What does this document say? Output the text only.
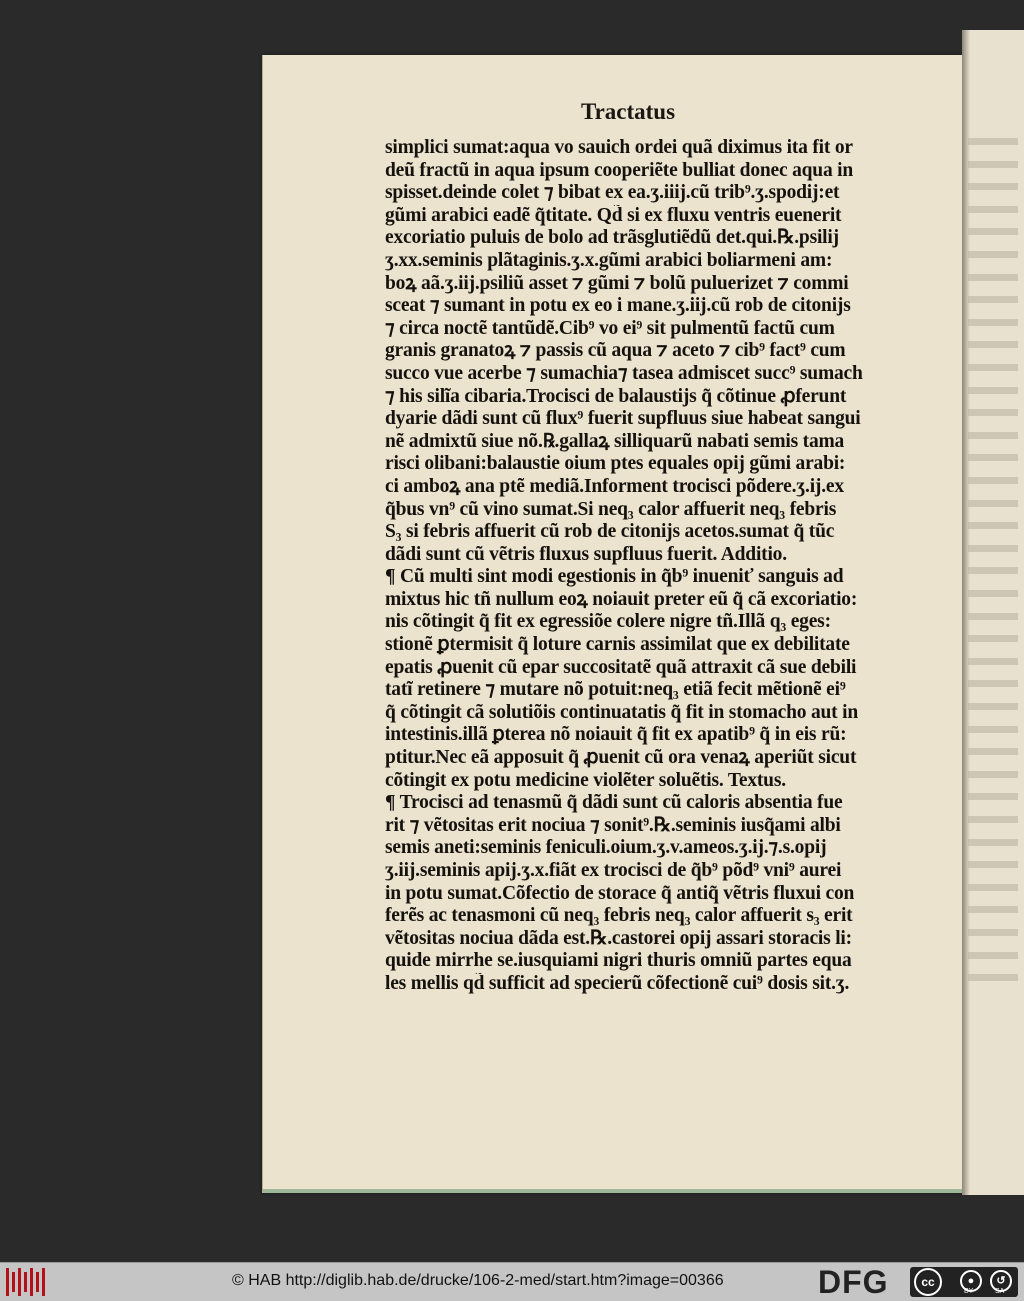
Tractatus
simplici sumat:aqua vo sauich ordei quã diximus ita fit or
deũ fractũ in aqua ipsum cooperiẽte bulliat donec aqua in
spisset.deinde colet ⁊ bibat ex ea.ʒ.iiij.cũ trib⁹.ʒ.spodij:et
gũmi arabici eadẽ q̃titate. Qd̃ si ex fluxu ventris euenerit
excoriatio puluis de bolo ad trãsglutiẽdũ det.qui.℞.psilij
ʒ.xx.seminis plãtaginis.ʒ.x.gũmi arabici boliarmeni am:
boꝝ aã.ʒ.iij.psiliũ asset ⁊ gũmi ⁊ bolũ puluerizet ⁊ commi
sceat ⁊ sumant in potu ex eo i mane.ʒ.iij.cũ rob de citonijs
⁊ circa noctẽ tantũdẽ.Cib⁹ vo ei⁹ sit pulmentũ factũ cum
granis granatoꝝ ⁊ passis cũ aqua ⁊ aceto ⁊ cib⁹ fact⁹ cum
succo vue acerbe ⁊ sumachia⁊ tasea admiscet succ⁹ sumach
⁊ his silĩa cibaria.Trocisci de balaustijs q̃ cõtinue ꝓferunt
dyarie dãdi sunt cũ flux⁹ fuerit supfluus siue habeat sangui
nẽ admixtũ siue nõ.℞.gallaꝝ silliquarũ nabati semis tama
risci olibani:balaustie oium ptes equales opij gũmi arabi:
ci amboꝝ ana ptẽ mediã.Informent trocisci põdere.ʒ.ij.ex
q̃bus vn⁹ cũ vino sumat.Si neq₃ calor affuerit neq₃ febris
S₃ si febris affuerit cũ rob de citonijs acetos.sumat q̃ tũc
dãdi sunt cũ vẽtris fluxus supfluus fuerit. Additio.
¶ Cũ multi sint modi egestionis in q̃b⁹ inueniť sanguis ad
mixtus hic tñ nullum eoꝝ noiauit preter eũ q̃ cã excoriatio:
nis cõtingit q̃ fit ex egressiõe colere nigre tñ.Illã q₃ eges:
stionẽ ꝑtermisit q̃ loture carnis assimilat que ex debilitate
epatis ꝓuenit cũ epar succositatẽ quã attraxit cã sue debili
tatĩ retinere ⁊ mutare nõ potuit:neq₃ etiã fecit mẽtionẽ ei⁹
q̃ cõtingit cã solutiõis continuatatis q̃ fit in stomacho aut in
intestinis.illã ꝑterea nõ noiauit q̃ fit ex apatib⁹ q̃ in eis rũ:
ptitur.Nec eã apposuit q̃ ꝓuenit cũ ora venaꝝ aperiũt sicut
cõtingit ex potu medicine violẽter soluẽtis. Textus.
¶ Trocisci ad tenasmũ q̃ dãdi sunt cũ caloris absentia fue
rit ⁊ vẽtositas erit nociua ⁊ sonit⁹.℞.seminis iusq̃ami albi
semis aneti:seminis feniculi.oium.ʒ.v.ameos.ʒ.ij.⁊.s.opij
ʒ.iij.seminis apij.ʒ.x.fiãt ex trocisci de q̃b⁹ põd⁹ vni⁹ aurei
in potu sumat.Cõfectio de storace q̃ antiq̃ vẽtris fluxui con
ferẽs ac tenasmoni cũ neq₃ febris neq₃ calor affuerit s₃ erit
vẽtositas nociua dãda est.℞.castorei opij assari storacis li:
quide mirrhe se.iusquiami nigri thuris omniũ partes equa
les mellis qd̃ sufficit ad specierũ cõfectionẽ cui⁹ dosis sit.ʒ.
© HAB http://diglib.hab.de/drucke/106-2-med/start.htm?image=00366	DFG	cc	●	↺
BY	SA
